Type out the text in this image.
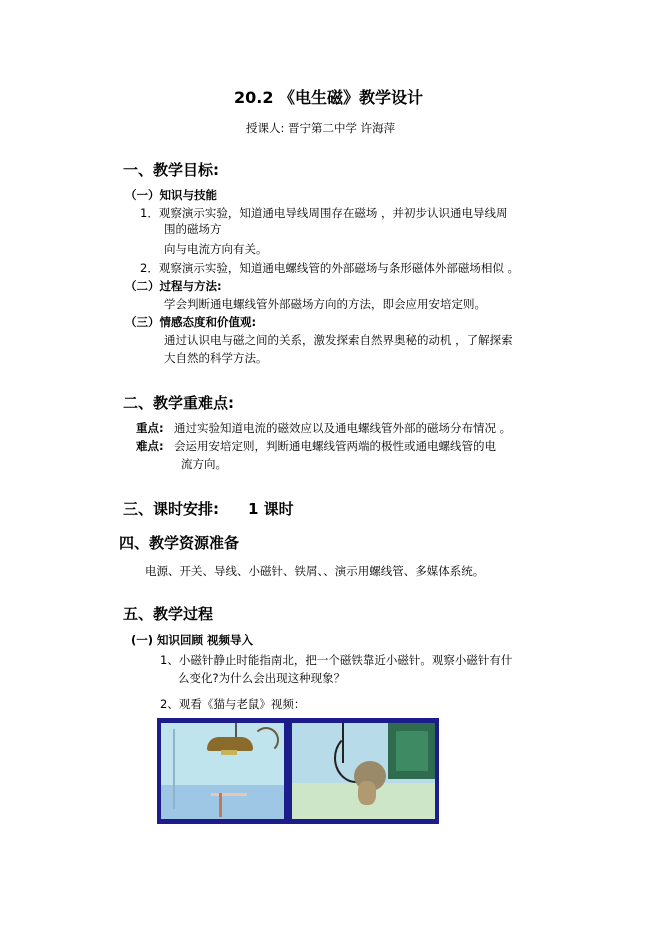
20.2 《电生磁》教学设计
授课人: 晋宁第二中学 许海萍
一、教学目标:
（一）知识与技能
1．观察演示实验，知道通电导线周围存在磁场 ，并初步认识通电导线周
围的磁场方
向与电流方向有关。
2．观察演示实验，知道通电螺线管的外部磁场与条形磁体外部磁场相似 。
（二）过程与方法:
学会判断通电螺线管外部磁场方向的方法，即会应用安培定则。
（三）情感态度和价值观:
通过认识电与磁之间的关系，激发探索自然界奥秘的动机 ，了解探索
大自然的科学方法。
二、教学重难点:
重点: 通过实验知道电流的磁效应以及通电螺线管外部的磁场分布情况 。
难点: 会运用安培定则，判断通电螺线管两端的极性或通电螺线管的电
流方向。
三、课时安排: 1 课时
四、教学资源准备
电源、开关、导线、小磁针、铁屑、、演示用螺线管、多媒体系统。
五、教学过程
(一) 知识回顾 视频导入
1、小磁针静止时能指南北，把一个磁铁靠近小磁针。观察小磁针有什
么变化?为什么会出现这种现象？
2、观看《猫与老鼠》视频：
